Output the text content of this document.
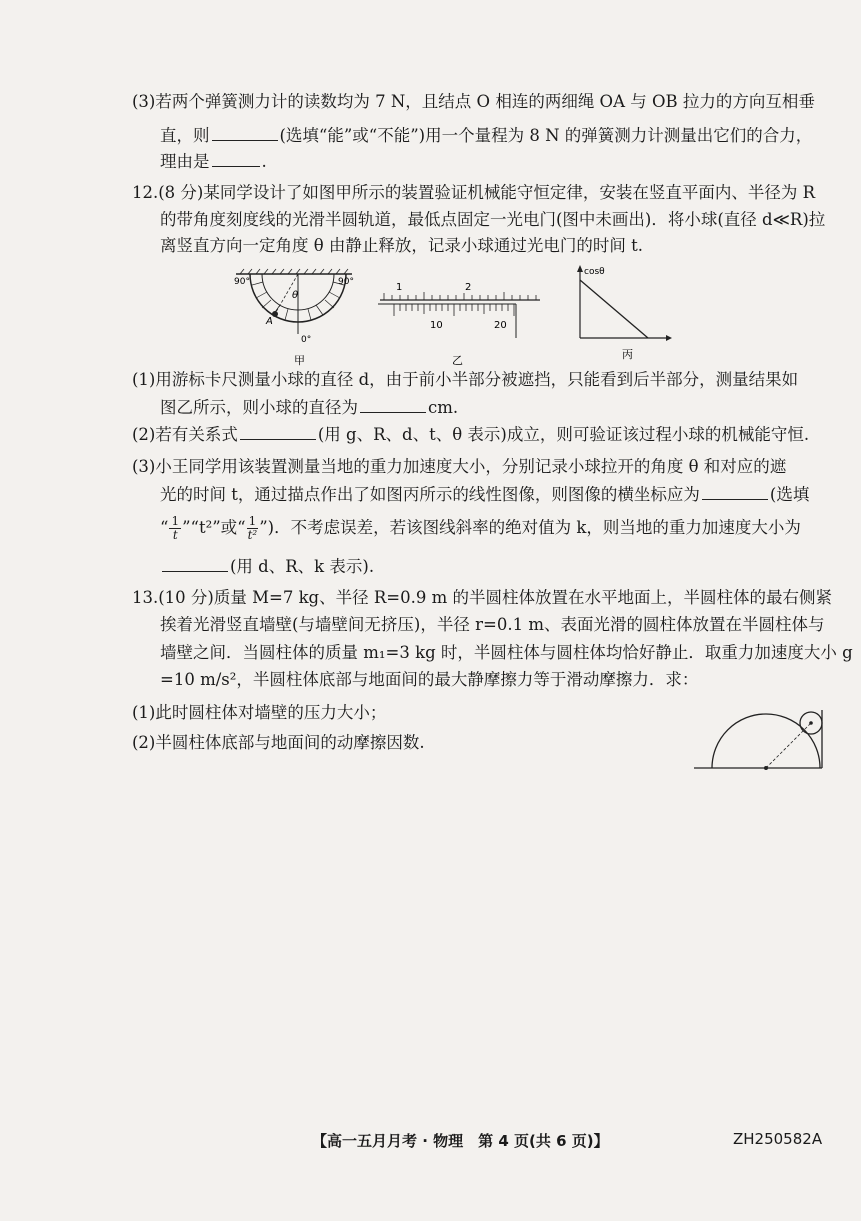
(3)若两个弹簧测力计的读数均为 7 N，且结点 O 相连的两细绳 OA 与 OB 拉力的方向互相垂
直，则	(选填“能”或“不能”)用一个量程为 8 N 的弹簧测力计测量出它们的合力，
理由是	.
12.(8 分)某同学设计了如图甲所示的装置验证机械能守恒定律，安装在竖直平面内、半径为 R
的带角度刻度线的光滑半圆轨道，最低点固定一光电门(图中未画出)．将小球(直径 d≪R)拉
离竖直方向一定角度 θ 由静止释放，记录小球通过光电门的时间 t.
90°	90°
θ
A
0°
甲
1	2
10	20
乙
cosθ
丙
(1)用游标卡尺测量小球的直径 d，由于前小半部分被遮挡，只能看到后半部分，测量结果如
图乙所示，则小球的直径为	cm.
(2)若有关系式	(用 g、R、d、t、θ 表示)成立，则可验证该过程小球的机械能守恒.
(3)小王同学用该装置测量当地的重力加速度大小，分别记录小球拉开的角度 θ 和对应的遮
光的时间 t，通过描点作出了如图丙所示的线性图像，则图像的横坐标应为	(选填
“ $\frac{1}{t}$ ”“t²”或“ $\frac{1}{\text{t²}}$ ”)．不考虑误差，若该图线斜率的绝对值为 k，则当地的重力加速度大小为
(用 d、R、k 表示).
13.(10 分)质量 M=7 kg、半径 R=0.9 m 的半圆柱体放置在水平地面上，半圆柱体的最右侧紧
挨着光滑竖直墙壁(与墙壁间无挤压)，半径 r=0.1 m、表面光滑的圆柱体放置在半圆柱体与
墙壁之间．当圆柱体的质量 m₁=3 kg 时，半圆柱体与圆柱体均恰好静止．取重力加速度大小 g
=10 m/s²，半圆柱体底部与地面间的最大静摩擦力等于滑动摩擦力．求：
(1)此时圆柱体对墙壁的压力大小；
(2)半圆柱体底部与地面间的动摩擦因数.
【高一五月月考 · 物理　第 4 页(共 6 页)】	ZH250582A
